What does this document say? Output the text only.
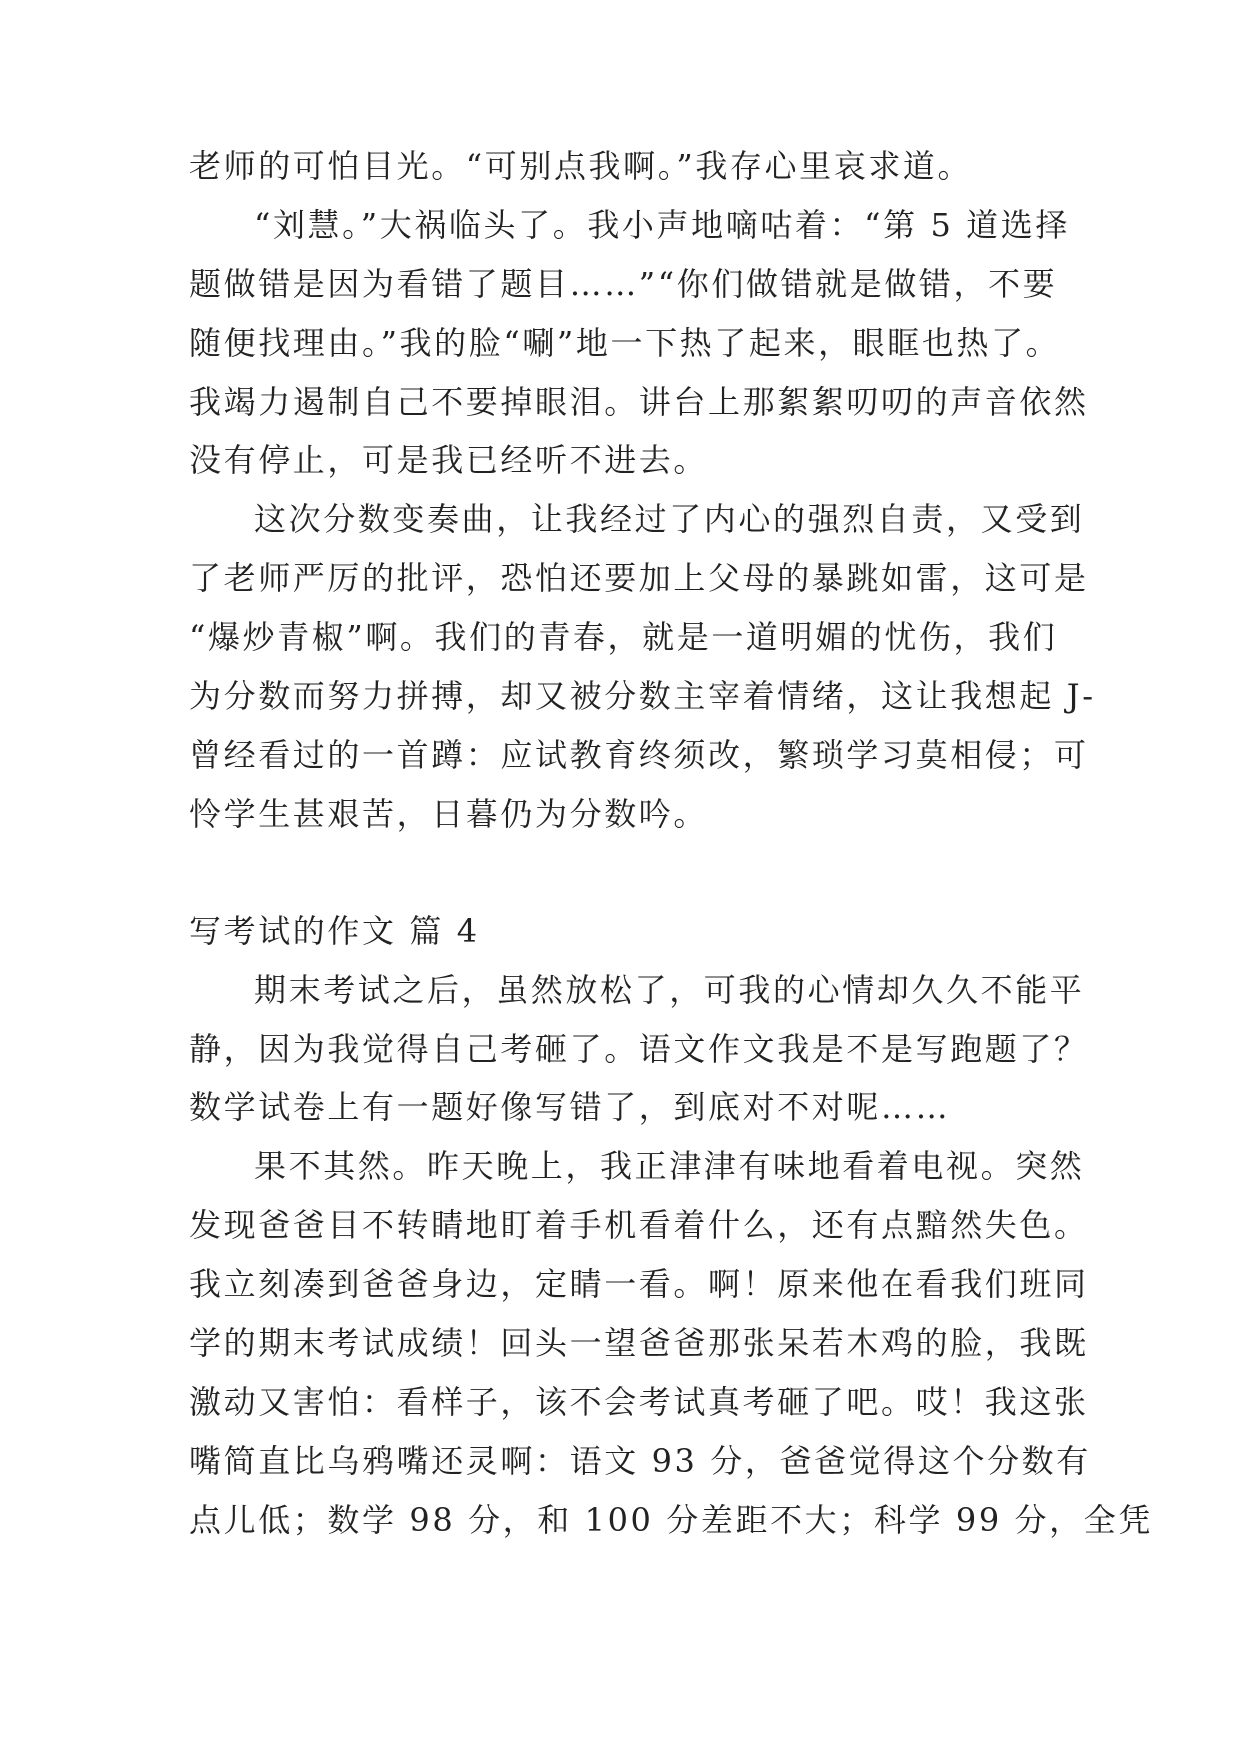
老师的可怕目光。“可别点我啊。”我存心里哀求道。
“刘慧。”大祸临头了。我小声地嘀咕着：“第 5 道选择
题做错是因为看错了题目……”“你们做错就是做错，不要
随便找理由。”我的脸“唰”地一下热了起来，眼眶也热了。
我竭力遏制自己不要掉眼泪。讲台上那絮絮叨叨的声音依然
没有停止，可是我已经听不进去。
这次分数变奏曲，让我经过了内心的强烈自责，又受到
了老师严厉的批评，恐怕还要加上父母的暴跳如雷，这可是
“爆炒青椒”啊。我们的青春，就是一道明媚的忧伤，我们
为分数而努力拼搏，却又被分数主宰着情绪，这让我想起 J-
曾经看过的一首蹲：应试教育终须改，繁琐学习莫相侵；可
怜学生甚艰苦，日暮仍为分数吟。
写考试的作文 篇 4
期末考试之后，虽然放松了，可我的心情却久久不能平
静，因为我觉得自己考砸了。语文作文我是不是写跑题了？
数学试卷上有一题好像写错了，到底对不对呢……
果不其然。昨天晚上，我正津津有味地看着电视。突然
发现爸爸目不转睛地盯着手机看着什么，还有点黯然失色。
我立刻凑到爸爸身边，定睛一看。啊！原来他在看我们班同
学的期末考试成绩！回头一望爸爸那张呆若木鸡的脸，我既
激动又害怕：看样子，该不会考试真考砸了吧。哎！我这张
嘴简直比乌鸦嘴还灵啊：语文 93 分，爸爸觉得这个分数有
点儿低；数学 98 分，和 100 分差距不大；科学 99 分，全凭
